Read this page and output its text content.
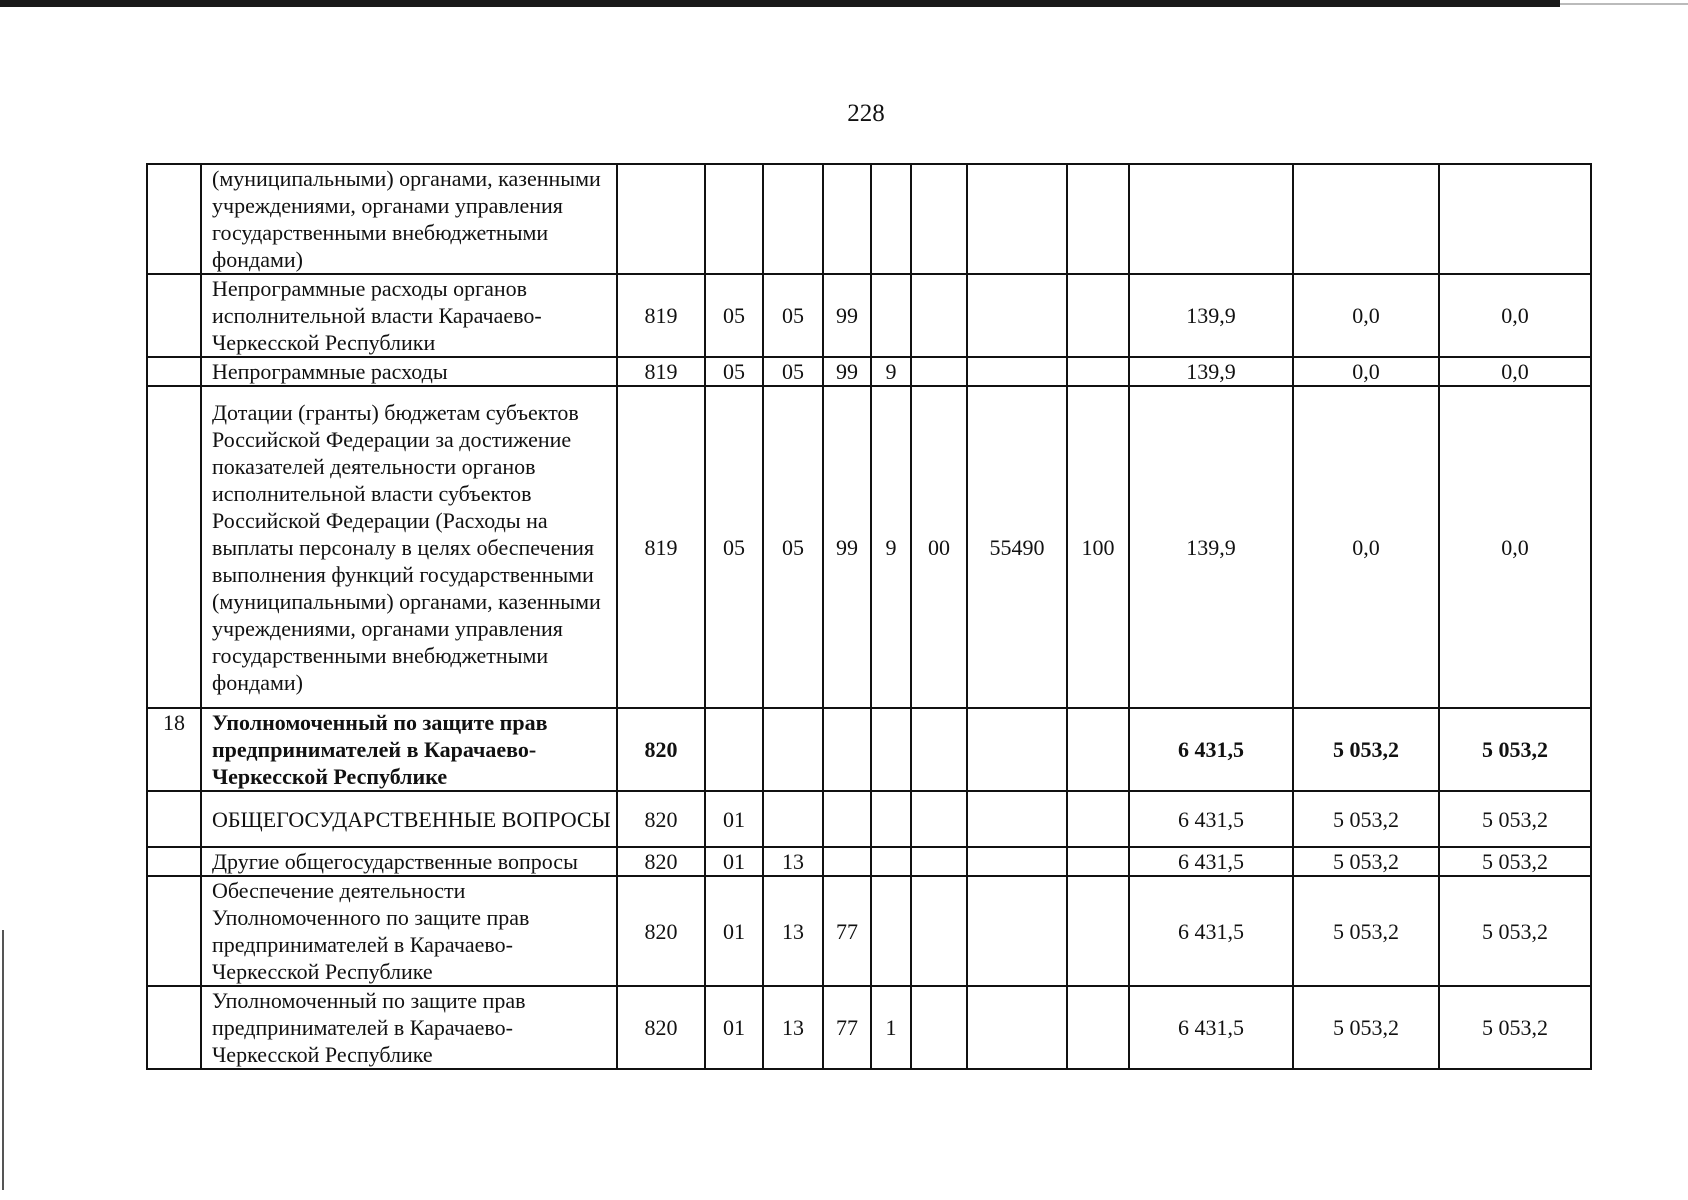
228
	(муниципальными) органами, казенными учреждениями, органами управления государственными внебюджетными фондами)											
	Непрограммные расходы органов исполнительной власти Карачаево-Черкесской Республики	819	05	05	99					139,9	0,0	0,0
	Непрограммные расходы	819	05	05	99	9				139,9	0,0	0,0
	Дотации (гранты) бюджетам субъектов Российской Федерации за достижение показателей деятельности органов исполнительной власти субъектов Российской Федерации (Расходы на выплаты персоналу в целях обеспечения выполнения функций государственными (муниципальными) органами, казенными учреждениями, органами управления государственными внебюджетными фондами)	819	05	05	99	9	00	55490	100	139,9	0,0	0,0
18	Уполномоченный по защите прав предпринимателей в Карачаево-Черкесской Республике	820								6 431,5	5 053,2	5 053,2
	ОБЩЕГОСУДАРСТВЕННЫЕ ВОПРОСЫ	820	01							6 431,5	5 053,2	5 053,2
	Другие общегосударственные вопросы	820	01	13						6 431,5	5 053,2	5 053,2
	Обеспечение деятельности Уполномоченного по защите прав предпринимателей в Карачаево-Черкесской Республике	820	01	13	77					6 431,5	5 053,2	5 053,2
	Уполномоченный по защите прав предпринимателей в Карачаево-Черкесской Республике	820	01	13	77	1				6 431,5	5 053,2	5 053,2
